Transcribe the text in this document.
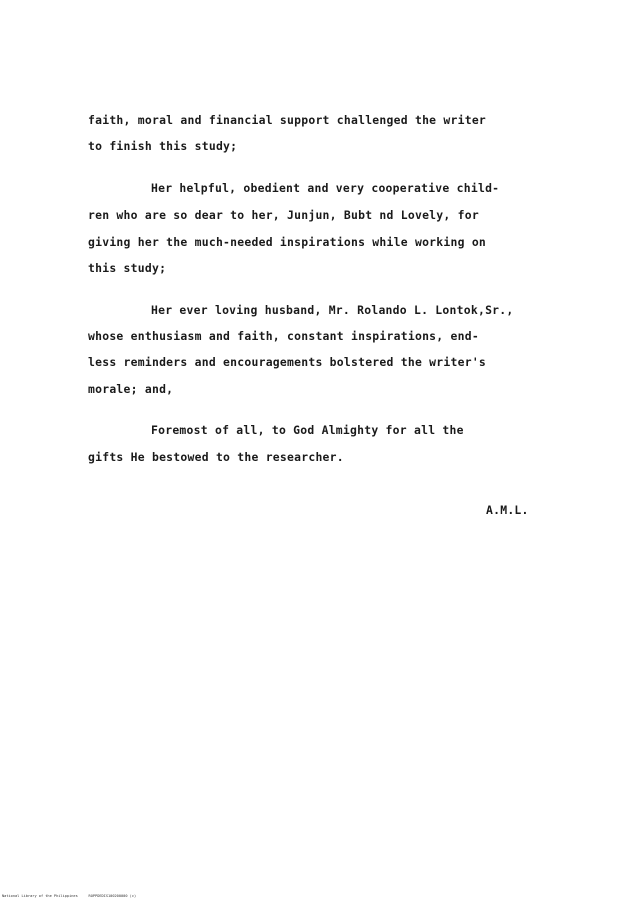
faith, moral and financial support challenged the writer
to finish this study;
Her helpful, obedient and very cooperative child-
ren who are so dear to her, Junjun, Bubt nd Lovely, for
giving her the much-needed inspirations while working on
this study;
Her ever loving husband, Mr. Rolando L. Lontok,Sr.,
whose enthusiasm and faith, constant inspirations, end-
less reminders and encouragements bolstered the writer's
morale; and,
Foremost of all, to God Almighty for all the
gifts He bestowed to the researcher.
A.M.L.
National Library of the Philippines     ROPPDEDIS100200000 (c)
